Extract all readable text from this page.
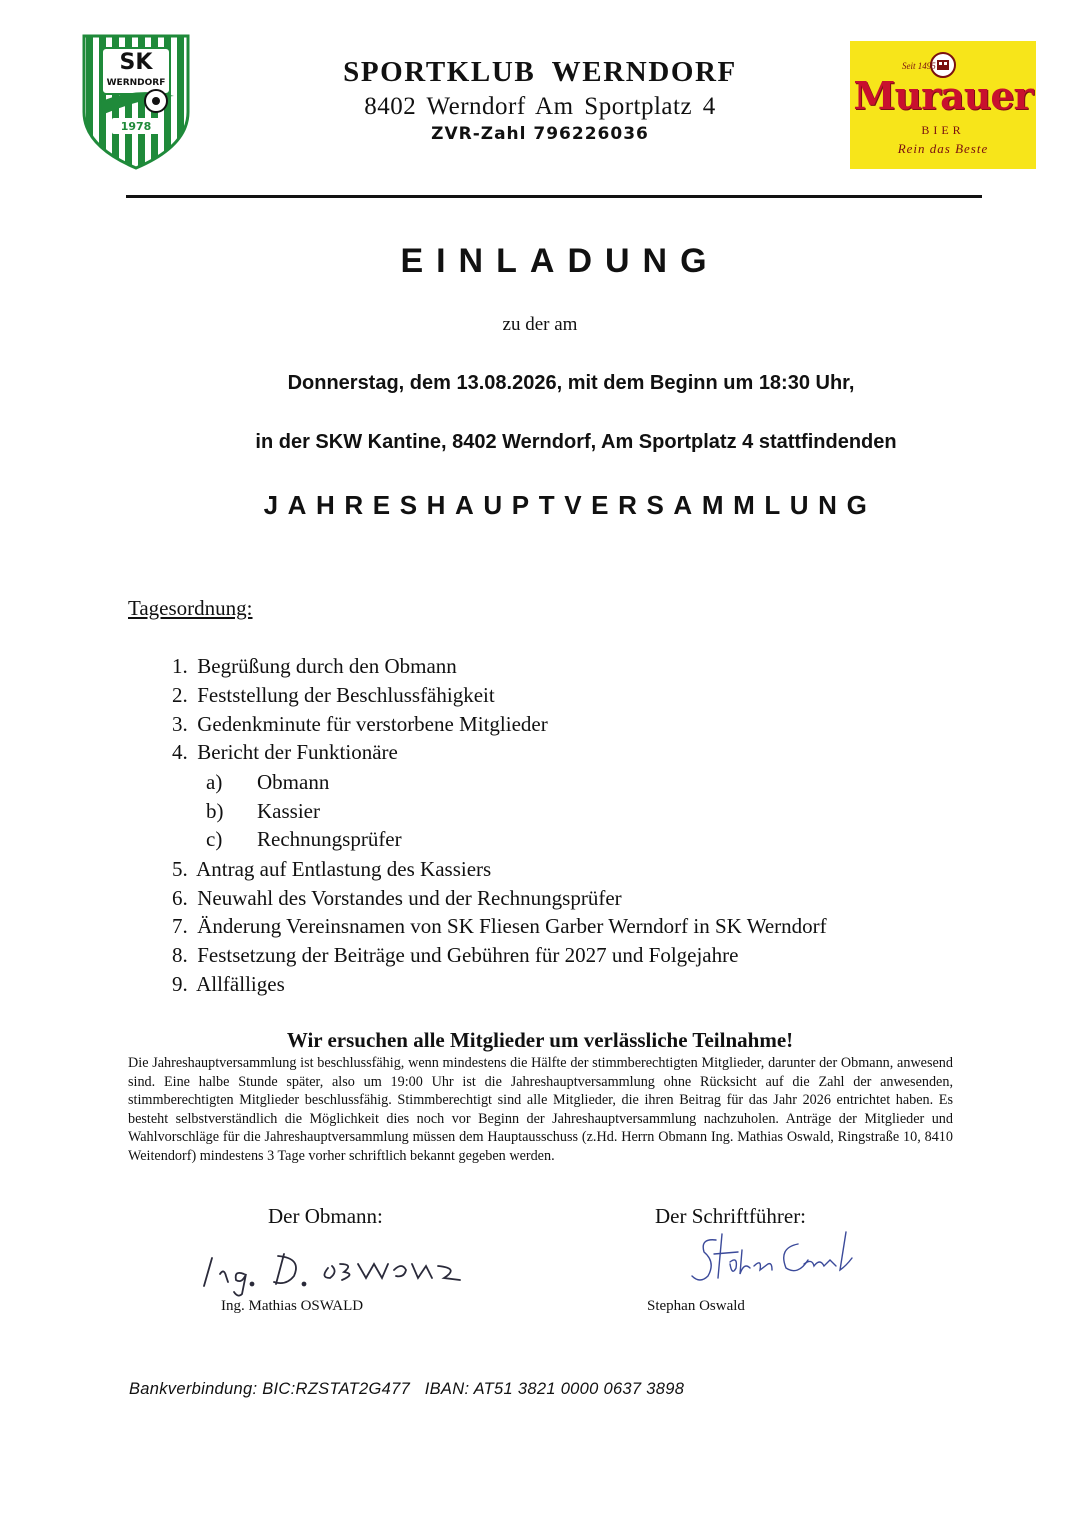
SK
WERNDORF
1978
SPORTKLUB WERNDORF
8402 Werndorf Am Sportplatz 4
ZVR-Zahl 796226036
Seit 1495
Murauer
BIER
Rein das Beste
EINLADUNG
zu der am
Donnerstag, dem 13.08.2026, mit dem Beginn um 18:30 Uhr,
in der SKW Kantine, 8402 Werndorf, Am Sportplatz 4 stattfindenden
JAHRESHAUPTVERSAMMLUNG
Tagesordnung:
1. Begrüßung durch den Obmann
2. Feststellung der Beschlussfähigkeit
3. Gedenkminute für verstorbene Mitglieder
4. Bericht der Funktionäre
a) Obmann
b) Kassier
c) Rechnungsprüfer
5. Antrag auf Entlastung des Kassiers
6. Neuwahl des Vorstandes und der Rechnungsprüfer
7. Änderung Vereinsnamen von SK Fliesen Garber Werndorf in SK Werndorf
8. Festsetzung der Beiträge und Gebühren für 2027 und Folgejahre
9. Allfälliges
Wir ersuchen alle Mitglieder um verlässliche Teilnahme!
Die Jahreshauptversammlung ist beschlussfähig, wenn mindestens die Hälfte der stimmberechtigten Mitglieder, darunter der Obmann, anwesend sind. Eine halbe Stunde später, also um 19:00 Uhr ist die Jahreshauptversammlung ohne Rücksicht auf die Zahl der anwesenden, stimmberechtigten Mitglieder beschlussfähig. Stimmberechtigt sind alle Mitglieder, die ihren Beitrag für das Jahr 2026 entrichtet haben. Es besteht selbstverständlich die Möglichkeit dies noch vor Beginn der Jahreshauptversammlung nachzuholen. Anträge der Mitglieder und Wahlvorschläge für die Jahreshauptversammlung müssen dem Hauptausschuss (z.Hd. Herrn Obmann Ing. Mathias Oswald, Ringstraße 10, 8410 Weitendorf) mindestens 3 Tage vorher schriftlich bekannt gegeben werden.
Der Obmann:	Der Schriftführer:
Ing. Mathias OSWALD	Stephan Oswald
Bankverbindung: BIC:RZSTAT2G477 IBAN: AT51 3821 0000 0637 3898
